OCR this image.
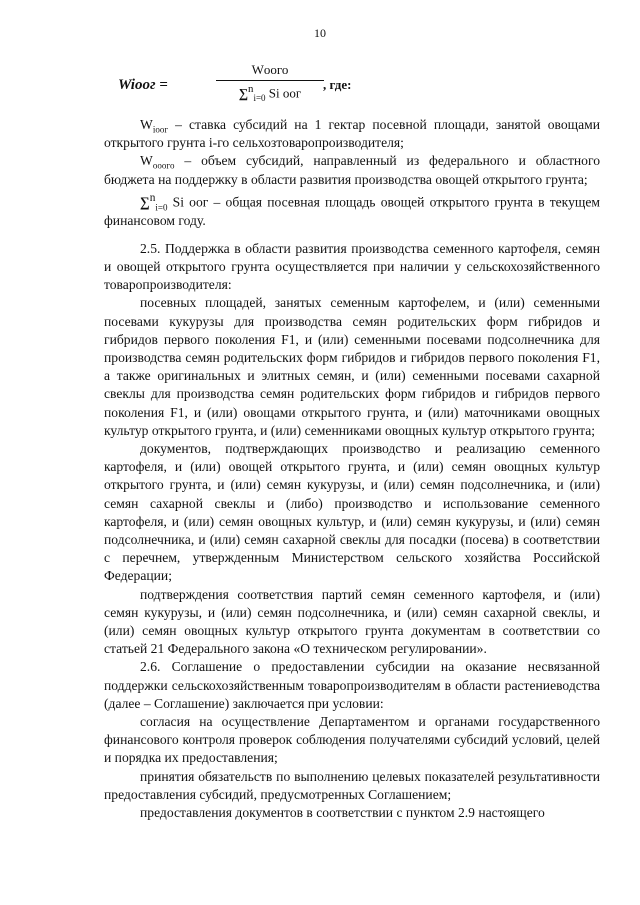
10
Wiоог =
Wоого
∑$^n_{i=0}$ Si оог
, где:

$W_{iоог}$ – ставка субсидий на 1 гектар посевной площади, занятой овощами открытого грунта i-го сельхозтоваропроизводителя;

$W_{ооогo}$ – объем субсидий, направленный из федерального и областного бюджета на поддержку в области развития производства овощей открытого грунта;

∑$^n_{i=0}$ Si оог – общая посевная площадь овощей открытого грунта в текущем финансовом году.

2.5. Поддержка в области развития производства семенного картофеля, семян и овощей открытого грунта осуществляется при наличии у сельскохозяйственного товаропроизводителя:

посевных площадей, занятых семенным картофелем, и (или) семенными посевами кукурузы для производства семян родительских форм гибридов и гибридов первого поколения F1, и (или) семенными посевами подсолнечника для производства семян родительских форм гибридов и гибридов первого поколения F1, а также оригинальных и элитных семян, и (или) семенными посевами сахарной свеклы для производства семян родительских форм гибридов и гибридов первого поколения F1, и (или) овощами открытого грунта, и (или) маточниками овощных культур открытого грунта, и (или) семенниками овощных культур открытого грунта;

документов, подтверждающих производство и реализацию семенного картофеля, и (или) овощей открытого грунта, и (или) семян овощных культур открытого грунта, и (или) семян кукурузы, и (или) семян подсолнечника, и (или) семян сахарной свеклы и (либо) производство и использование семенного картофеля, и (или) семян овощных культур, и (или) семян кукурузы, и (или) семян подсолнечника, и (или) семян сахарной свеклы для посадки (посева) в соответствии с перечнем, утвержденным Министерством сельского хозяйства Российской Федерации;

подтверждения соответствия партий семян семенного картофеля, и (или) семян кукурузы, и (или) семян подсолнечника, и (или) семян сахарной свеклы, и (или) семян овощных культур открытого грунта документам в соответствии со статьей 21 Федерального закона «О техническом регулировании».

2.6. Соглашение о предоставлении субсидии на оказание несвязанной поддержки сельскохозяйственным товаропроизводителям в области растениеводства (далее – Соглашение) заключается при условии:

согласия на осуществление Департаментом и органами государственного финансового контроля проверок соблюдения получателями субсидий условий, целей и порядка их предоставления;

принятия обязательств по выполнению целевых показателей результативности предоставления субсидий, предусмотренных Соглашением;

предоставления документов в соответствии с пунктом 2.9 настоящего
